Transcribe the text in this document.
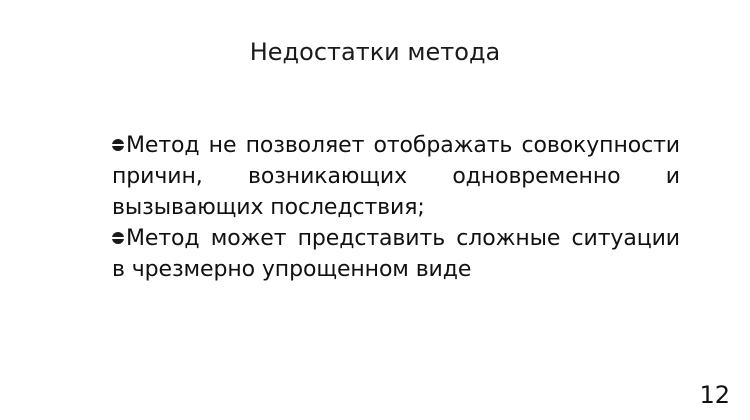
Недостатки метода
Метод не позволяет отображать совокупности причин, возникающих одновременно и вызывающих последствия;
Метод может представить сложные ситуации в чрезмерно упрощенном виде
12
